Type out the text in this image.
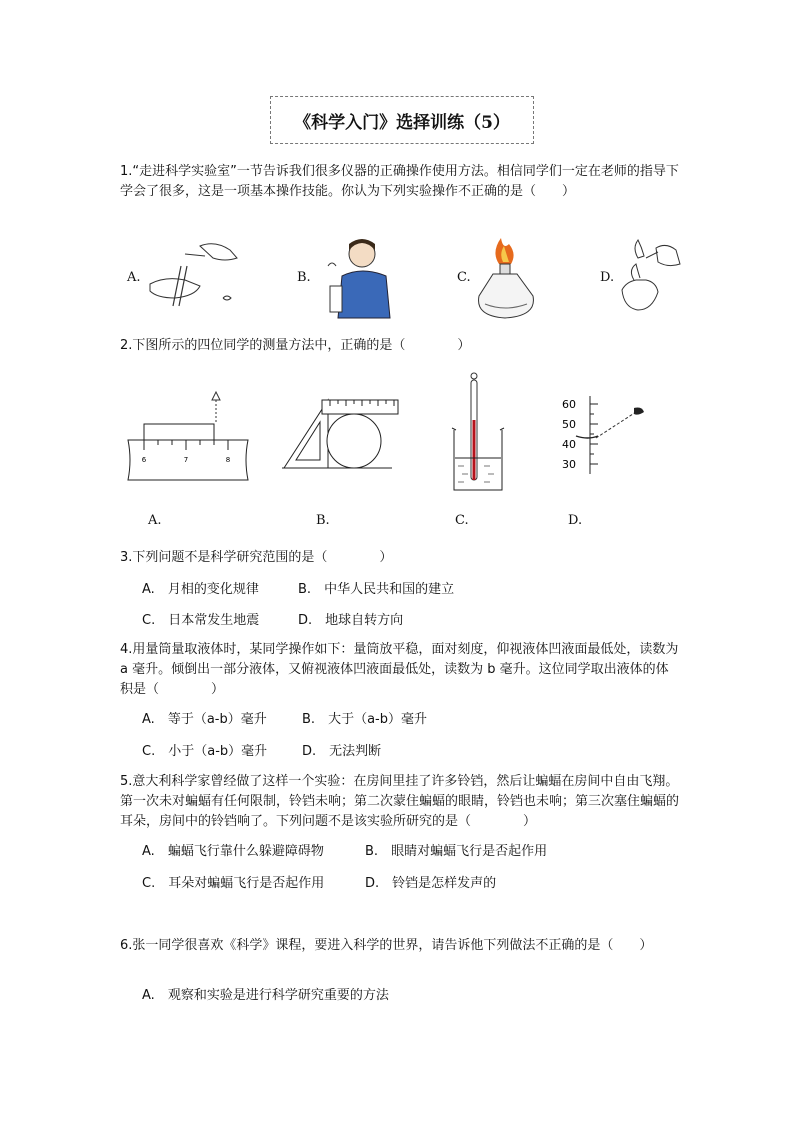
《科学入门》选择训练（5）
1.“走进科学实验室”一节告诉我们很多仪器的正确操作使用方法。相信同学们一定在老师的指导下学会了很多，这是一项基本操作技能。你认为下列实验操作不正确的是（　　）
A.	B.	C.	D.
2.下图所示的四位同学的测量方法中，正确的是（　　　　）
6	7	8
60
50
40
30
A.	B.	C.	D.
3.下列问题不是科学研究范围的是（　　　　）
A.　 月相的变化规律	B.　 中华人民共和国的建立
C.　 日本常发生地震	D.　 地球自转方向
4.用量筒量取液体时，某同学操作如下：量筒放平稳，面对刻度，仰视液体凹液面最低处，读数为 a 毫升。倾倒出一部分液体，又俯视液体凹液面最低处，读数为 b 毫升。这位同学取出液体的体积是（　　　　）
A.　 等于（a-b）毫升	B.　 大于（a-b）毫升
C.　 小于（a-b）毫升	D.　 无法判断
5.意大利科学家曾经做了这样一个实验：在房间里挂了许多铃铛，然后让蝙蝠在房间中自由飞翔。第一次未对蝙蝠有任何限制，铃铛未响；第二次蒙住蝙蝠的眼睛，铃铛也未响；第三次塞住蝙蝠的耳朵，房间中的铃铛响了。下列问题不是该实验所研究的是（　　　　）
A.　 蝙蝠飞行靠什么躲避障碍物	B.　 眼睛对蝙蝠飞行是否起作用
C.　 耳朵对蝙蝠飞行是否起作用	D.　 铃铛是怎样发声的
6.张一同学很喜欢《科学》课程，要进入科学的世界，请告诉他下列做法不正确的是（　　）
A.　 观察和实验是进行科学研究重要的方法
